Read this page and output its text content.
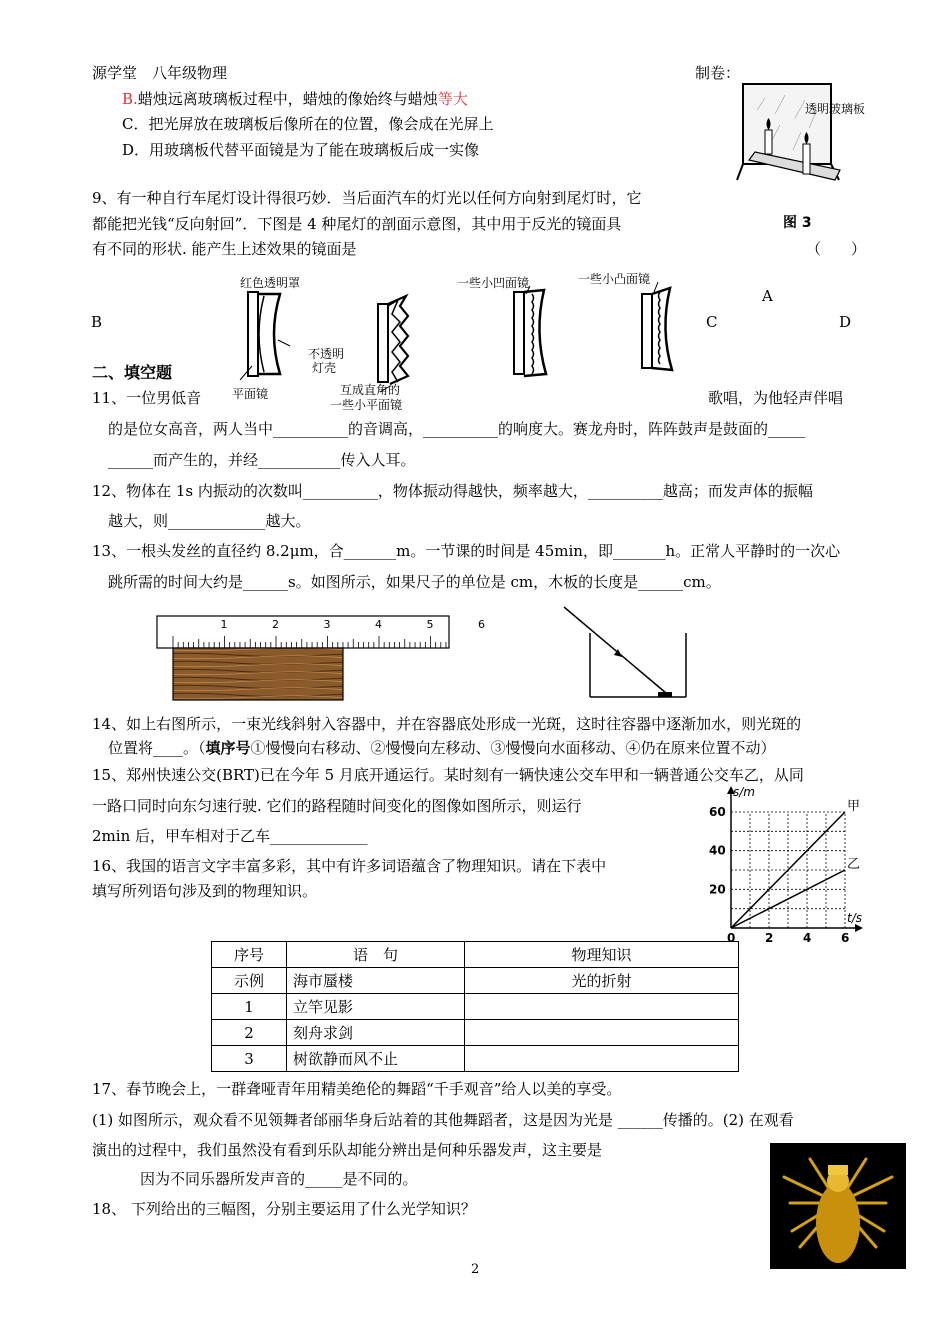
源学堂　八年级物理	制卷：
B.蜡烛远离玻璃板过程中，蜡烛的像始终与蜡烛等大
C．把光屏放在玻璃板后像所在的位置，像会成在光屏上
D．用玻璃板代替平面镜是为了能在玻璃板后成一实像
透明玻璃板
图 3
9、有一种自行车尾灯设计得很巧妙．当后面汽车的灯光以任何方向射到尾灯时，它
都能把光钱“反向射回”．下图是 4 种尾灯的剖面示意图，其中用于反光的镜面具
有不同的形状. 能产生上述效果的镜面是	（　　）
红色透明罩
不透明
灯壳
平面镜	互成直角的
一些小平面镜
一些小凹面镜	一些小凸面镜
A
B	C	D
二、填空题
11、一位男低音	歌唱，为他轻声伴唱
的是位女高音，两人当中__________的音调高，__________的响度大。赛龙舟时，阵阵鼓声是鼓面的_____
______而产生的，并经___________传入人耳。
12、物体在 1s 内振动的次数叫__________，物体振动得越快，频率越大，__________越高；而发声体的振幅
越大，则_____________越大。
13、一根头发丝的直径约 8.2μm，合_______m。一节课的时间是 45min，即_______h。正常人平静时的一次心
跳所需的时间大约是______s。如图所示，如果尺子的单位是 cm，木板的长度是______cm。
1	2	3	4	5	6
14、如上右图所示，一束光线斜射入容器中，并在容器底处形成一光斑，这时往容器中逐渐加水，则光斑的
位置将____。（填序号①慢慢向右移动、②慢慢向左移动、③慢慢向水面移动、④仍在原来位置不动）
15、郑州快速公交(BRT)已在今年 5 月底开通运行。某时刻有一辆快速公交车甲和一辆普通公交车乙，从同
一路口同时向东匀速行驶. 它们的路程随时间变化的图像如图所示，则运行
2min 后，甲车相对于乙车_____________
甲
乙
0 2 4 6
20
40
60
t/s
s/m
16、我国的语言文字丰富多彩，其中有许多词语蕴含了物理知识。请在下表中
填写所列语句涉及到的物理知识。
序号	语　句	物理知识
示例	海市蜃楼	光的折射
1	立竿见影	
2	刻舟求剑	
3	树欲静而风不止	
17、春节晚会上，一群聋哑青年用精美绝伦的舞蹈“千手观音”给人以美的享受。
(1) 如图所示，观众看不见领舞者邰丽华身后站着的其他舞蹈者，这是因为光是 ______传播的。(2) 在观看
演出的过程中，我们虽然没有看到乐队却能分辨出是何种乐器发声，这主要是
因为不同乐器所发声音的_____是不同的。
18、 下列给出的三幅图，分别主要运用了什么光学知识？
2
